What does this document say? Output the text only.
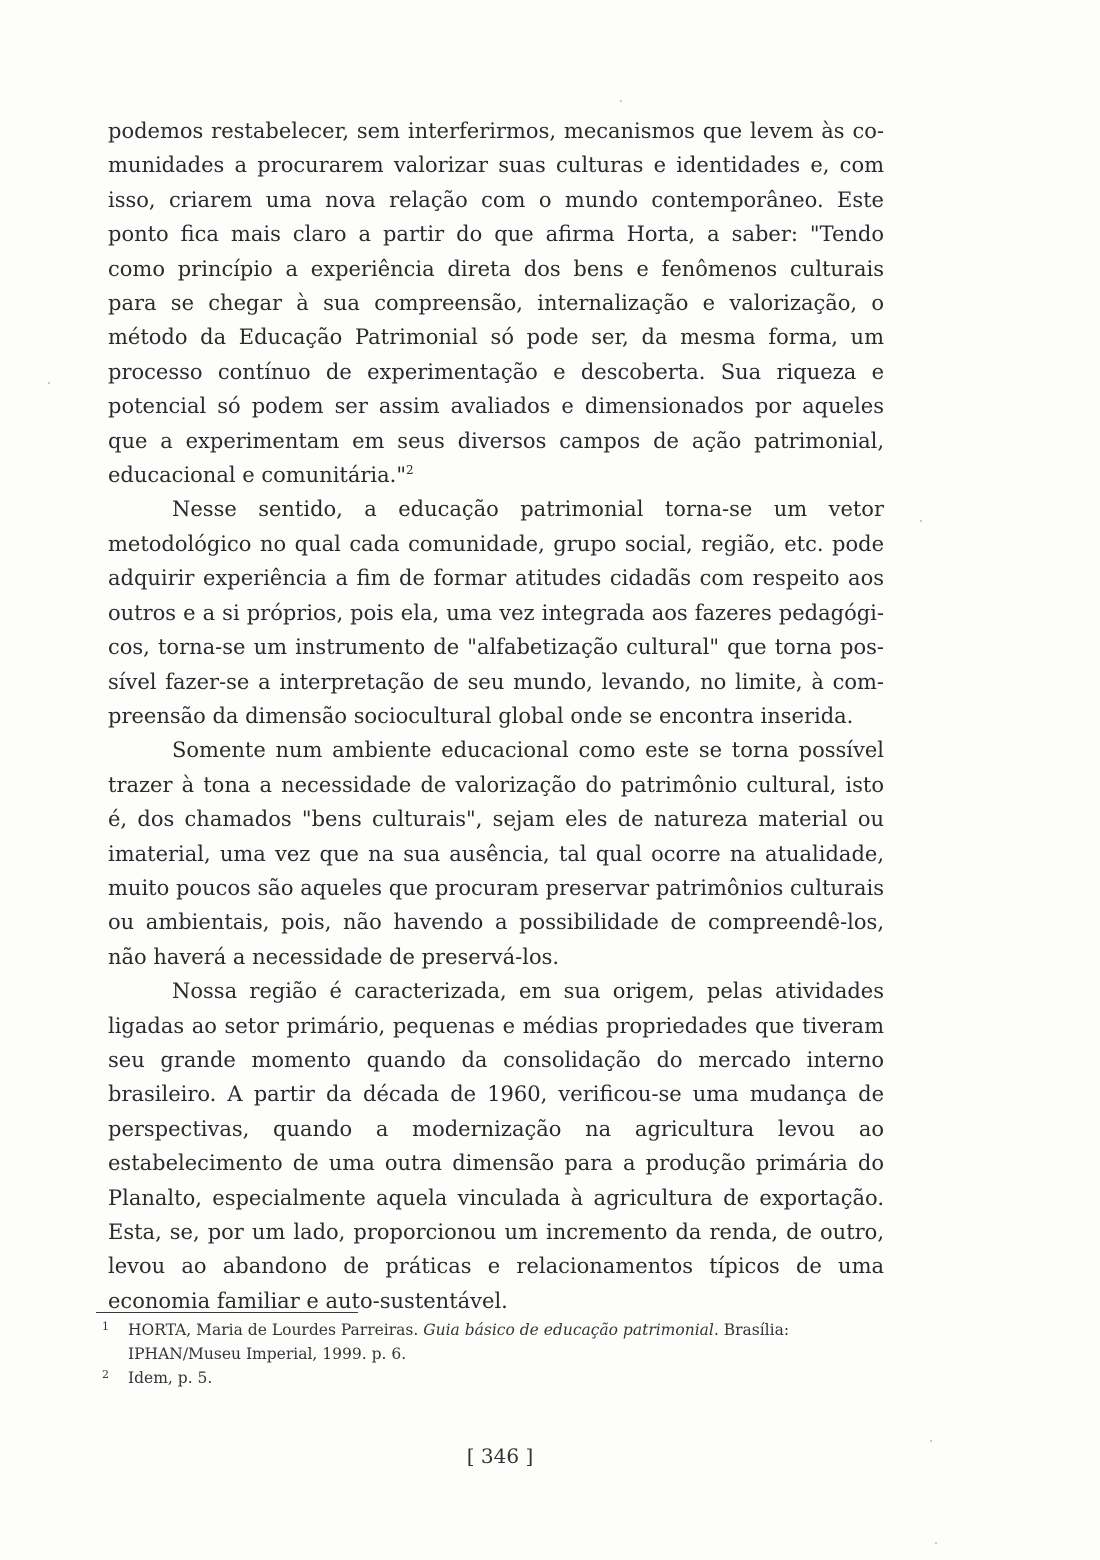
podemos restabelecer, sem interferirmos, mecanismos que levem às comunidades a procurarem valorizar suas culturas e identidades e, com isso, criarem uma nova relação com o mundo contemporâneo. Este ponto fica mais claro a partir do que afirma Horta, a saber: "Tendo como princípio a experiência direta dos bens e fenômenos culturais para se chegar à sua compreensão, internalização e valorização, o método da Educação Patrimonial só pode ser, da mesma forma, um processo contínuo de experimentação e descoberta. Sua riqueza e potencial só podem ser assim avaliados e dimensionados por aqueles que a experimentam em seus diversos campos de ação patrimonial, educacional e comunitária."$^2$

Nesse sentido, a educação patrimonial torna-se um vetor metodológico no qual cada comunidade, grupo social, região, etc. pode adquirir experiência a fim de formar atitudes cidadãs com respeito aos outros e a si próprios, pois ela, uma vez integrada aos fazeres pedagógicos, torna-se um instrumento de "alfabetização cultural" que torna possível fazer-se a interpretação de seu mundo, levando, no limite, à compreensão da dimensão sociocultural global onde se encontra inserida.

Somente num ambiente educacional como este se torna possível trazer à tona a necessidade de valorização do patrimônio cultural, isto é, dos chamados "bens culturais", sejam eles de natureza material ou imaterial, uma vez que na sua ausência, tal qual ocorre na atualidade, muito poucos são aqueles que procuram preservar patrimônios culturais ou ambientais, pois, não havendo a possibilidade de compreendê-los, não haverá a necessidade de preservá-los.

Nossa região é caracterizada, em sua origem, pelas atividades ligadas ao setor primário, pequenas e médias propriedades que tiveram seu grande momento quando da consolidação do mercado interno brasileiro. A partir da década de 1960, verificou-se uma mudança de perspectivas, quando a modernização na agricultura levou ao estabelecimento de uma outra dimensão para a produção primária do Planalto, especialmente aquela vinculada à agricultura de exportação. Esta, se, por um lado, proporcionou um incremento da renda, de outro, levou ao abandono de práticas e relacionamentos típicos de uma economia familiar e auto-sustentável.

1 HORTA, Maria de Lourdes Parreiras. Guia básico de educação patrimonial. Brasília: IPHAN/Museu Imperial, 1999. p. 6.

2 Idem, p. 5.

[ 346 ]
